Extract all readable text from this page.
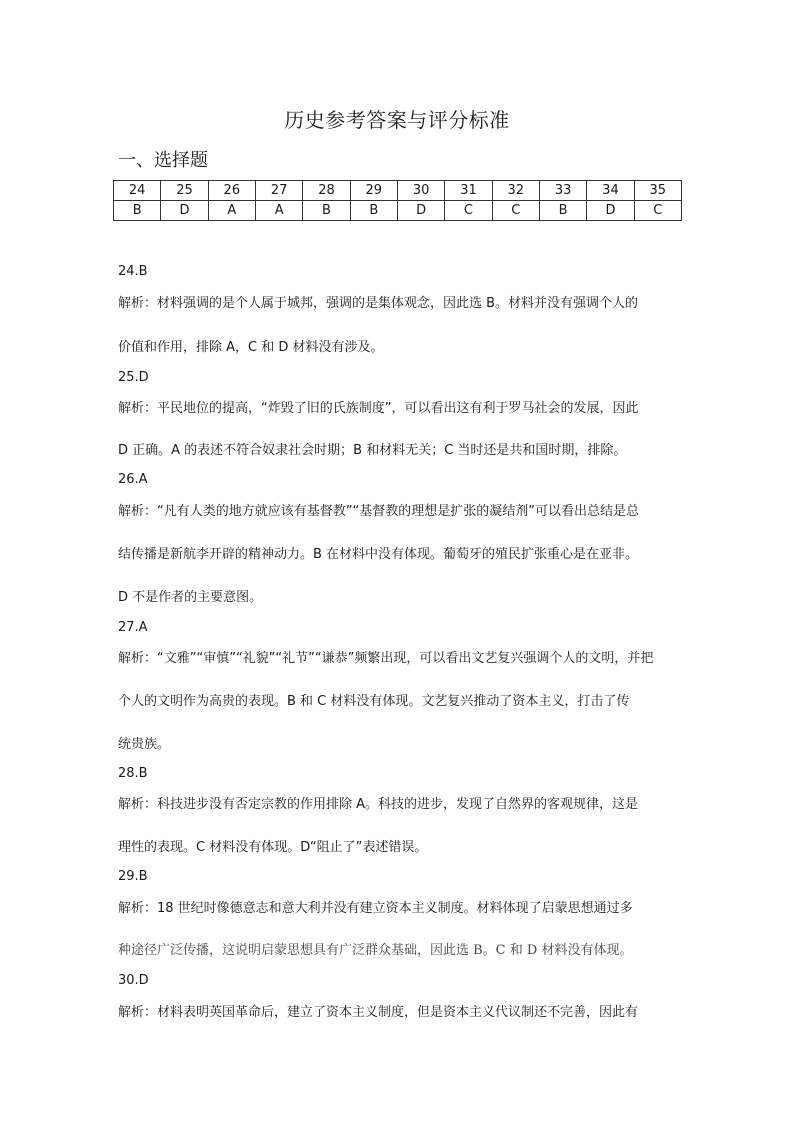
历史参考答案与评分标准
一、选择题
24	25	26	27	28	29	30	31	32	33	34	35
B	D	A	A	B	B	D	C	C	B	D	C
24.B
解析：材料强调的是个人属于城邦，强调的是集体观念，因此选 B。材料并没有强调个人的
价值和作用，排除 A，C 和 D 材料没有涉及。
25.D
解析：平民地位的提高，“炸毁了旧的氏族制度”，可以看出这有利于罗马社会的发展，因此
D 正确。A 的表述不符合奴隶社会时期；B 和材料无关；C 当时还是共和国时期，排除。
26.A
解析：“凡有人类的地方就应该有基督教”“基督教的理想是扩张的凝结剂”可以看出总结是总
结传播是新航李开辟的精神动力。B 在材料中没有体现。葡萄牙的殖民扩张重心是在亚非。
D 不是作者的主要意图。
27.A
解析：“文雅”“审慎”“礼貌”“礼节”“谦恭”频繁出现，可以看出文艺复兴强调个人的文明，并把
个人的文明作为高贵的表现。B 和 C 材料没有体现。文艺复兴推动了资本主义，打击了传
统贵族。
28.B
解析：科技进步没有否定宗教的作用排除 A。科技的进步，发现了自然界的客观规律，这是
理性的表现。C 材料没有体现。D“阻止了”表述错误。
29.B
解析：18 世纪时像德意志和意大利并没有建立资本主义制度。材料体现了启蒙思想通过多
种途径广泛传播，这说明启蒙思想具有广泛群众基础，因此选 B。C 和 D 材料没有体现。
30.D
解析：材料表明英国革命后，建立了资本主义制度，但是资本主义代议制还不完善，因此有
